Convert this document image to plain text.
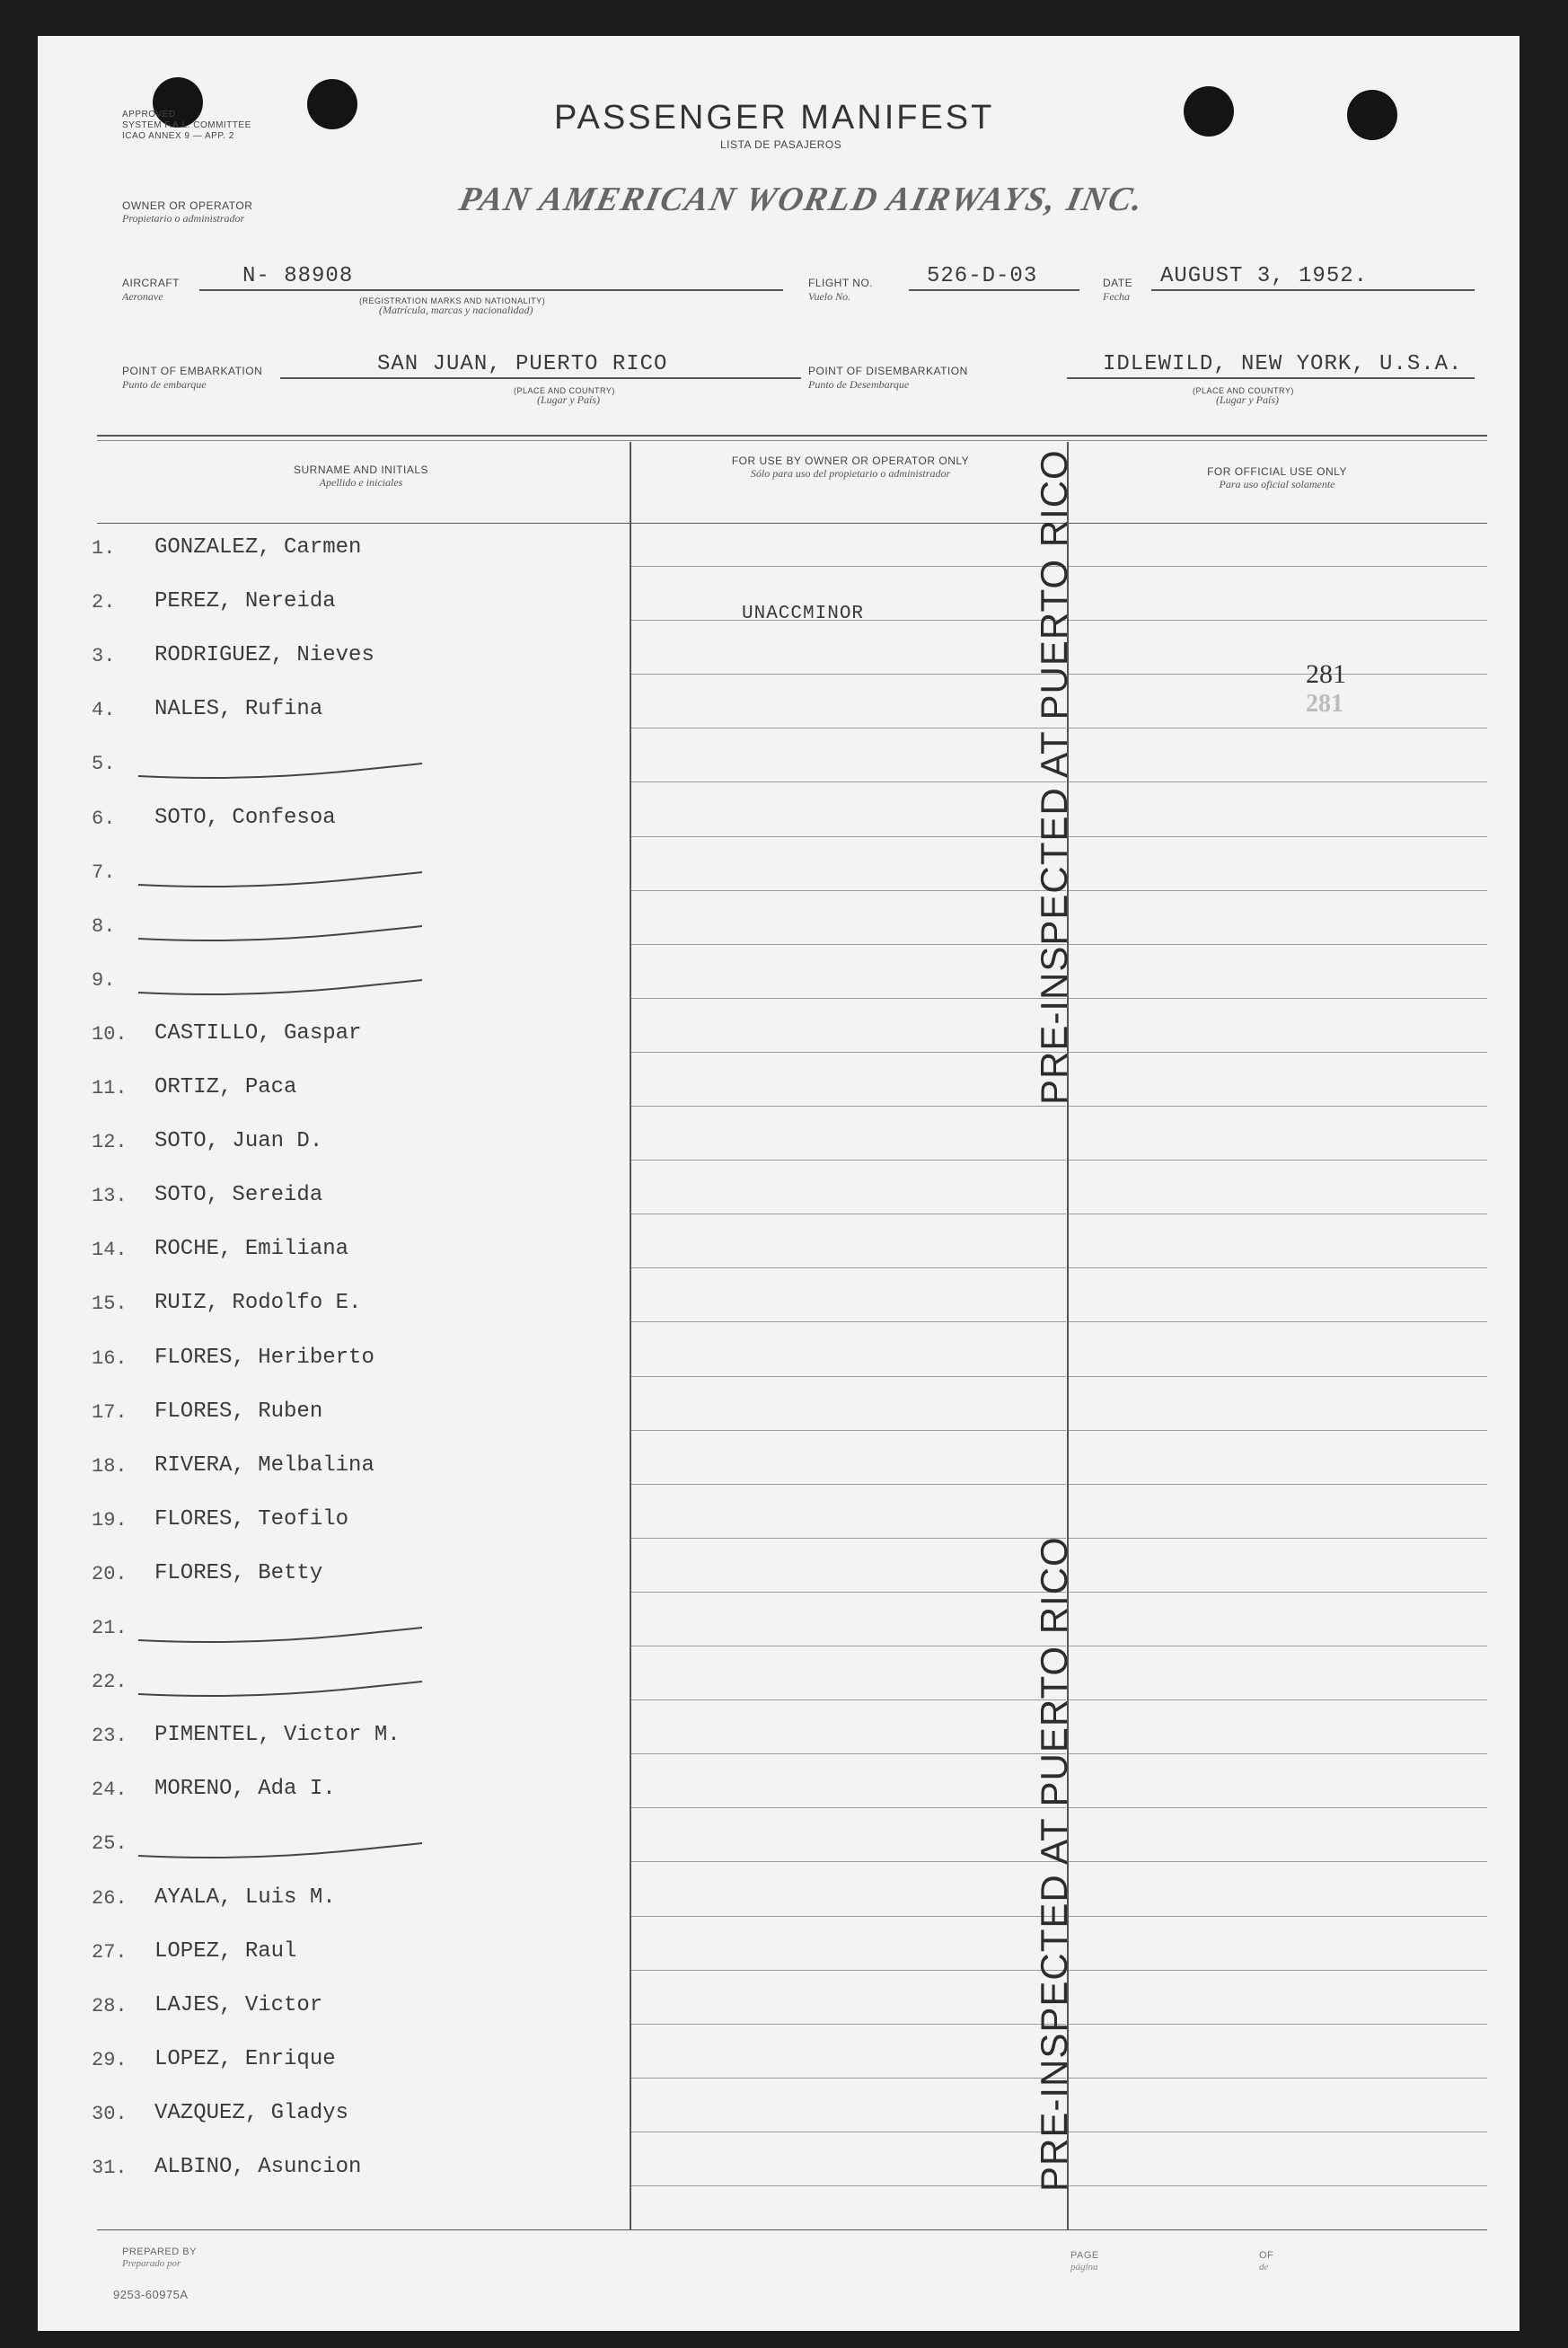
APPROVED
SYSTEM F.A.L. COMMITTEE
ICAO ANNEX 9 — APP. 2	PASSENGER MANIFEST
LISTA DE PASAJEROS
OWNER OR OPERATOR
Propietario o administrador	PAN AMERICAN WORLD AIRWAYS, INC.
AIRCRAFT
Aeronave
N- 88908
(REGISTRATION MARKS AND NATIONALITY)
(Matrícula, marcas y nacionalidad)
FLIGHT NO.
Vuelo No.
526-D-03	DATE
Fecha
AUGUST 3, 1952.
POINT OF EMBARKATION
Punto de embarque
SAN JUAN, PUERTO RICO
(PLACE AND COUNTRY)
(Lugar y País)
POINT OF DISEMBARKATION
Punto de Desembarque
IDLEWILD, NEW YORK, U.S.A.
(PLACE AND COUNTRY)
(Lugar y País)
SURNAME AND INITIALS
Apellido e iniciales
FOR USE BY OWNER OR OPERATOR ONLY
Sólo para uso del propietario o administrador	FOR OFFICIAL USE ONLY
Para uso oficial solamente
1.	GONZALEZ, Carmen
2.	PEREZ, Nereida
3.	RODRIGUEZ, Nieves
4.	NALES, Rufina
5.
6.	SOTO, Confesoa
7.
8.
9.
10.	CASTILLO, Gaspar
11.	ORTIZ, Paca
12.	SOTO, Juan D.
13.	SOTO, Sereida
14.	ROCHE, Emiliana
15.	RUIZ, Rodolfo E.
16.	FLORES, Heriberto
17.	FLORES, Ruben
18.	RIVERA, Melbalina
19.	FLORES, Teofilo
20.	FLORES, Betty
21.
22.
23.	PIMENTEL, Victor M.
24.	MORENO, Ada I.
25.
26.	AYALA, Luis M.
27.	LOPEZ, Raul
28.	LAJES, Victor
29.	LOPEZ, Enrique
30.	VAZQUEZ, Gladys
31.	ALBINO, Asuncion
UNACCMINOR
281
281
PRE-INSPECTED AT PUERTO RICO
PRE-INSPECTED AT PUERTO RICO
PREPARED BY
Preparado por
PAGE
página
OF
de
9253-60975A
